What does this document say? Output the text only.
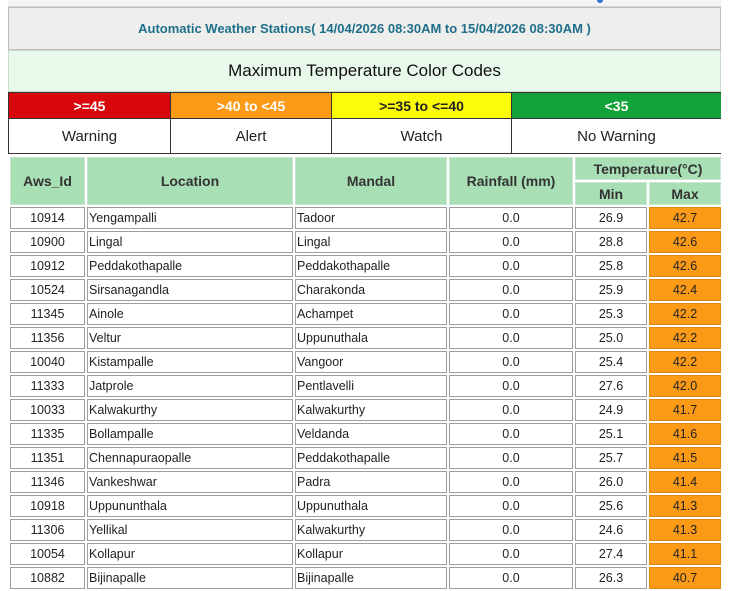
Automatic Weather Stations( 14/04/2026 08:30AM to 15/04/2026 08:30AM )
Maximum Temperature Color Codes
>=45	>40 to <45	>=35 to <=40	<35
Warning	Alert	Watch	No Warning
Aws_Id	Location	Mandal	Rainfall (mm)	Temperature(°C)	
				Min	Max
10914	Yengampalli	Tadoor	0.0	26.9	42.7
10900	Lingal	Lingal	0.0	28.8	42.6
10912	Peddakothapalle	Peddakothapalle	0.0	25.8	42.6
10524	Sirsanagandla	Charakonda	0.0	25.9	42.4
11345	Ainole	Achampet	0.0	25.3	42.2
11356	Veltur	Uppunuthala	0.0	25.0	42.2
10040	Kistampalle	Vangoor	0.0	25.4	42.2
11333	Jatprole	Pentlavelli	0.0	27.6	42.0
10033	Kalwakurthy	Kalwakurthy	0.0	24.9	41.7
11335	Bollampalle	Veldanda	0.0	25.1	41.6
11351	Chennapuraopalle	Peddakothapalle	0.0	25.7	41.5
11346	Vankeshwar	Padra	0.0	26.0	41.4
10918	Uppununthala	Uppunuthala	0.0	25.6	41.3
11306	Yellikal	Kalwakurthy	0.0	24.6	41.3
10054	Kollapur	Kollapur	0.0	27.4	41.1
10882	Bijinapalle	Bijinapalle	0.0	26.3	40.7
